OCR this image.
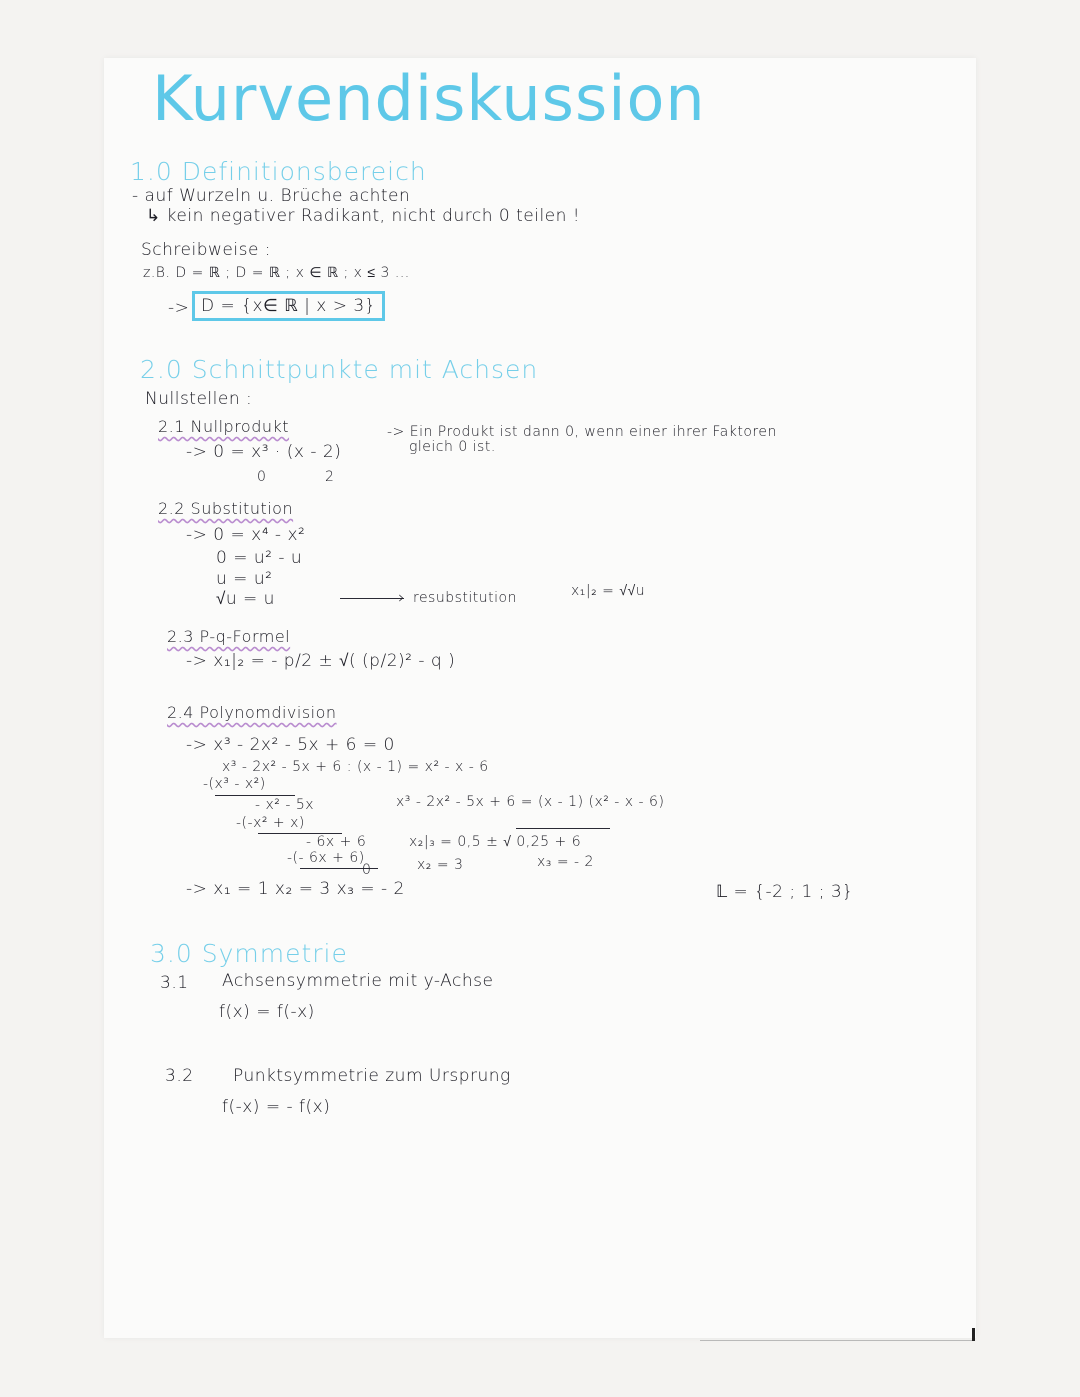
Kurvendiskussion
1.0 Definitionsbereich
- auf Wurzeln u. Brüche achten
↳ kein negativer Radikant, nicht durch 0 teilen !
Schreibweise :
z.B. D = ℝ ; D = ℝ ; x ∈ ℝ ; x ≤ 3 ...
-> D = {x∈ ℝ | x > 3}
2.0 Schnittpunkte mit Achsen
Nullstellen :
2.1 Nullprodukt
-> 0 = x³ · (x - 2)
0	2
-> Ein Produkt ist dann 0, wenn einer ihrer Faktoren
gleich 0 ist.
2.2 Substitution
-> 0 = x⁴ - x²
0 = u² - u
u = u²
√u = u	› resubstitution	x₁|₂ = √√u
2.3 P-q-Formel
-> x₁|₂ = - p/2 ± √( (p/2)² - q )
2.4 Polynomdivision
-> x³ - 2x² - 5x + 6 = 0
x³ - 2x² - 5x + 6 : (x - 1) = x² - x - 6
-(x³ - x²)
- x² - 5x
-(-x² + x)
- 6x + 6
-(- 6x + 6)
0
x³ - 2x² - 5x + 6 = (x - 1) (x² - x - 6)
x₂|₃ = 0,5 ± √ 0,25 + 6
x₂ = 3	x₃ = - 2
-> x₁ = 1 x₂ = 3 x₃ = - 2	𝕃 = {-2 ; 1 ; 3}
3.0 Symmetrie
3.1 Achsensymmetrie mit y-Achse
f(x) = f(-x)
3.2 Punktsymmetrie zum Ursprung
f(-x) = - f(x)
